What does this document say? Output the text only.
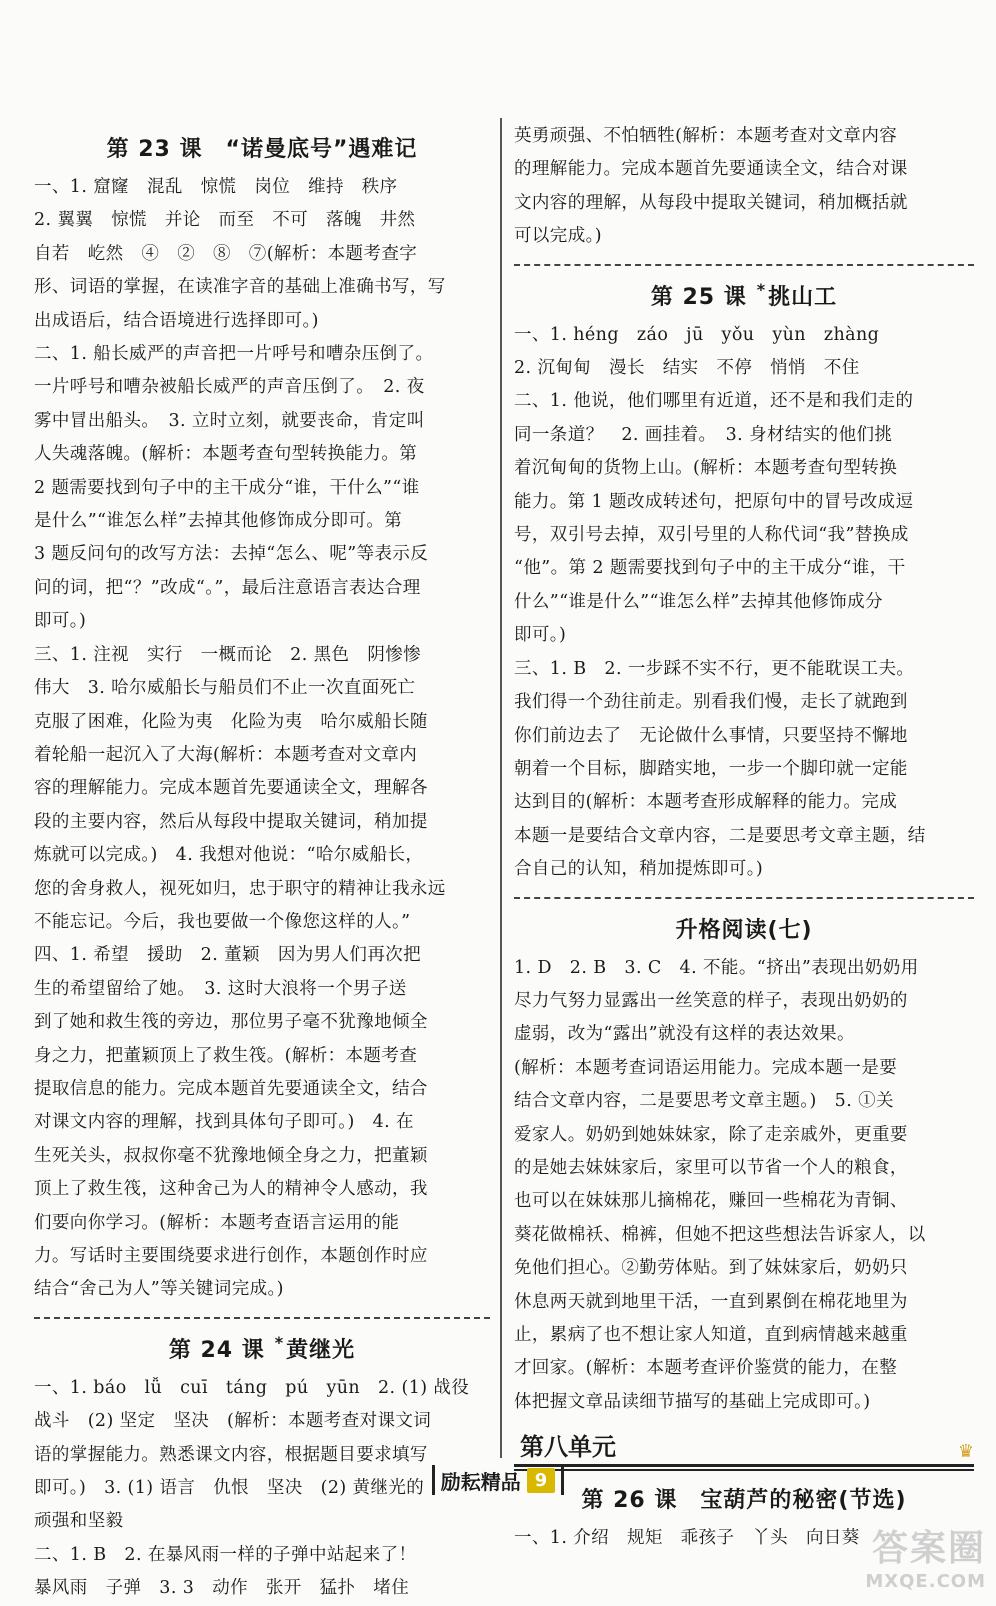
第 23 课　“诺曼底号”遇难记

一、1. 窟窿　混乱　惊慌　岗位　维持　秩序

2. 翼翼　惊慌　并论　而至　不可　落魄　井然

自若　屹然　④　②　⑧　⑦(解析：本题考查字

形、词语的掌握，在读准字音的基础上准确书写，写

出成语后，结合语境进行选择即可。)

二、1. 船长威严的声音把一片呼号和嘈杂压倒了。

一片呼号和嘈杂被船长威严的声音压倒了。　2. 夜

雾中冒出船头。　3. 立时立刻，就要丧命，肯定叫

人失魂落魄。(解析：本题考查句型转换能力。第

2 题需要找到句子中的主干成分“谁，干什么”“谁

是什么”“谁怎么样”去掉其他修饰成分即可。第

3 题反问句的改写方法：去掉“怎么、呢”等表示反

问的词，把“？”改成“。”，最后注意语言表达合理

即可。)

三、1. 注视　实行　一概而论　2. 黑色　阴惨惨

伟大　3. 哈尔威船长与船员们不止一次直面死亡

克服了困难，化险为夷　化险为夷　哈尔威船长随

着轮船一起沉入了大海(解析：本题考查对文章内

容的理解能力。完成本题首先要通读全文，理解各

段的主要内容，然后从每段中提取关键词，稍加提

炼就可以完成。)　4. 我想对他说：“哈尔威船长，

您的舍身救人，视死如归，忠于职守的精神让我永远

不能忘记。今后，我也要做一个像您这样的人。”

四、1. 希望　援助　2. 董颖　因为男人们再次把

生的希望留给了她。　3. 这时大浪将一个男子送

到了她和救生筏的旁边，那位男子毫不犹豫地倾全

身之力，把董颖顶上了救生筏。(解析：本题考查

提取信息的能力。完成本题首先要通读全文，结合

对课文内容的理解，找到具体句子即可。)　4. 在

生死关头，叔叔你毫不犹豫地倾全身之力，把董颖

顶上了救生筏，这种舍己为人的精神令人感动，我

们要向你学习。(解析：本题考查语言运用的能

力。写话时主要围绕要求进行创作，本题创作时应

结合“舍己为人”等关键词完成。)

第 24 课 *黄继光

一、1. báo　lǚ　cuī　táng　pú　yūn　2. (1) 战役

战斗　(2) 坚定　坚决　(解析：本题考查对课文词

语的掌握能力。熟悉课文内容，根据题目要求填写

即可。)　3. (1) 语言　仇恨　坚决　(2) 黄继光的

顽强和坚毅

二、1. B　2. 在暴风雨一样的子弹中站起来了！

暴风雨　子弹　3. 3　动作　张开　猛扑　堵住

英勇顽强、不怕牺牲(解析：本题考查对文章内容

的理解能力。完成本题首先要通读全文，结合对课

文内容的理解，从每段中提取关键词，稍加概括就

可以完成。)

第 25 课 *挑山工

一、1. héng　záo　jū　yǒu　yùn　zhàng

2. 沉甸甸　漫长　结实　不停　悄悄　不住

二、1. 他说，他们哪里有近道，还不是和我们走的

同一条道？　2. 画挂着。　3. 身材结实的他们挑

着沉甸甸的货物上山。(解析：本题考查句型转换

能力。第 1 题改成转述句，把原句中的冒号改成逗

号，双引号去掉，双引号里的人称代词“我”替换成

“他”。第 2 题需要找到句子中的主干成分“谁，干

什么”“谁是什么”“谁怎么样”去掉其他修饰成分

即可。)

三、1. B　2. 一步踩不实不行，更不能耽误工夫。

我们得一个劲往前走。别看我们慢，走长了就跑到

你们前边去了　无论做什么事情，只要坚持不懈地

朝着一个目标，脚踏实地，一步一个脚印就一定能

达到目的(解析：本题考查形成解释的能力。完成

本题一是要结合文章内容，二是要思考文章主题，结

合自己的认知，稍加提炼即可。)

升格阅读(七)

1. D　2. B　3. C　4. 不能。“挤出”表现出奶奶用

尽力气努力显露出一丝笑意的样子，表现出奶奶的

虚弱，改为“露出”就没有这样的表达效果。

(解析：本题考查词语运用能力。完成本题一是要

结合文章内容，二是要思考文章主题。)　5. ①关

爱家人。奶奶到她妹妹家，除了走亲戚外，更重要

的是她去妹妹家后，家里可以节省一个人的粮食，

也可以在妹妹那儿摘棉花，赚回一些棉花为青铜、

葵花做棉袄、棉裤，但她不把这些想法告诉家人，以

免他们担心。②勤劳体贴。到了妹妹家后，奶奶只

休息两天就到地里干活，一直到累倒在棉花地里为

止，累病了也不想让家人知道，直到病情越来越重

才回家。(解析：本题考查评价鉴赏的能力，在整

体把握文章品读细节描写的基础上完成即可。)

第八单元	♛
第 26 课　宝葫芦的秘密(节选)

一、1. 介绍　规矩　乖孩子　丫头　向日葵

励耘精品 9
答案圈
MXQE.COM
